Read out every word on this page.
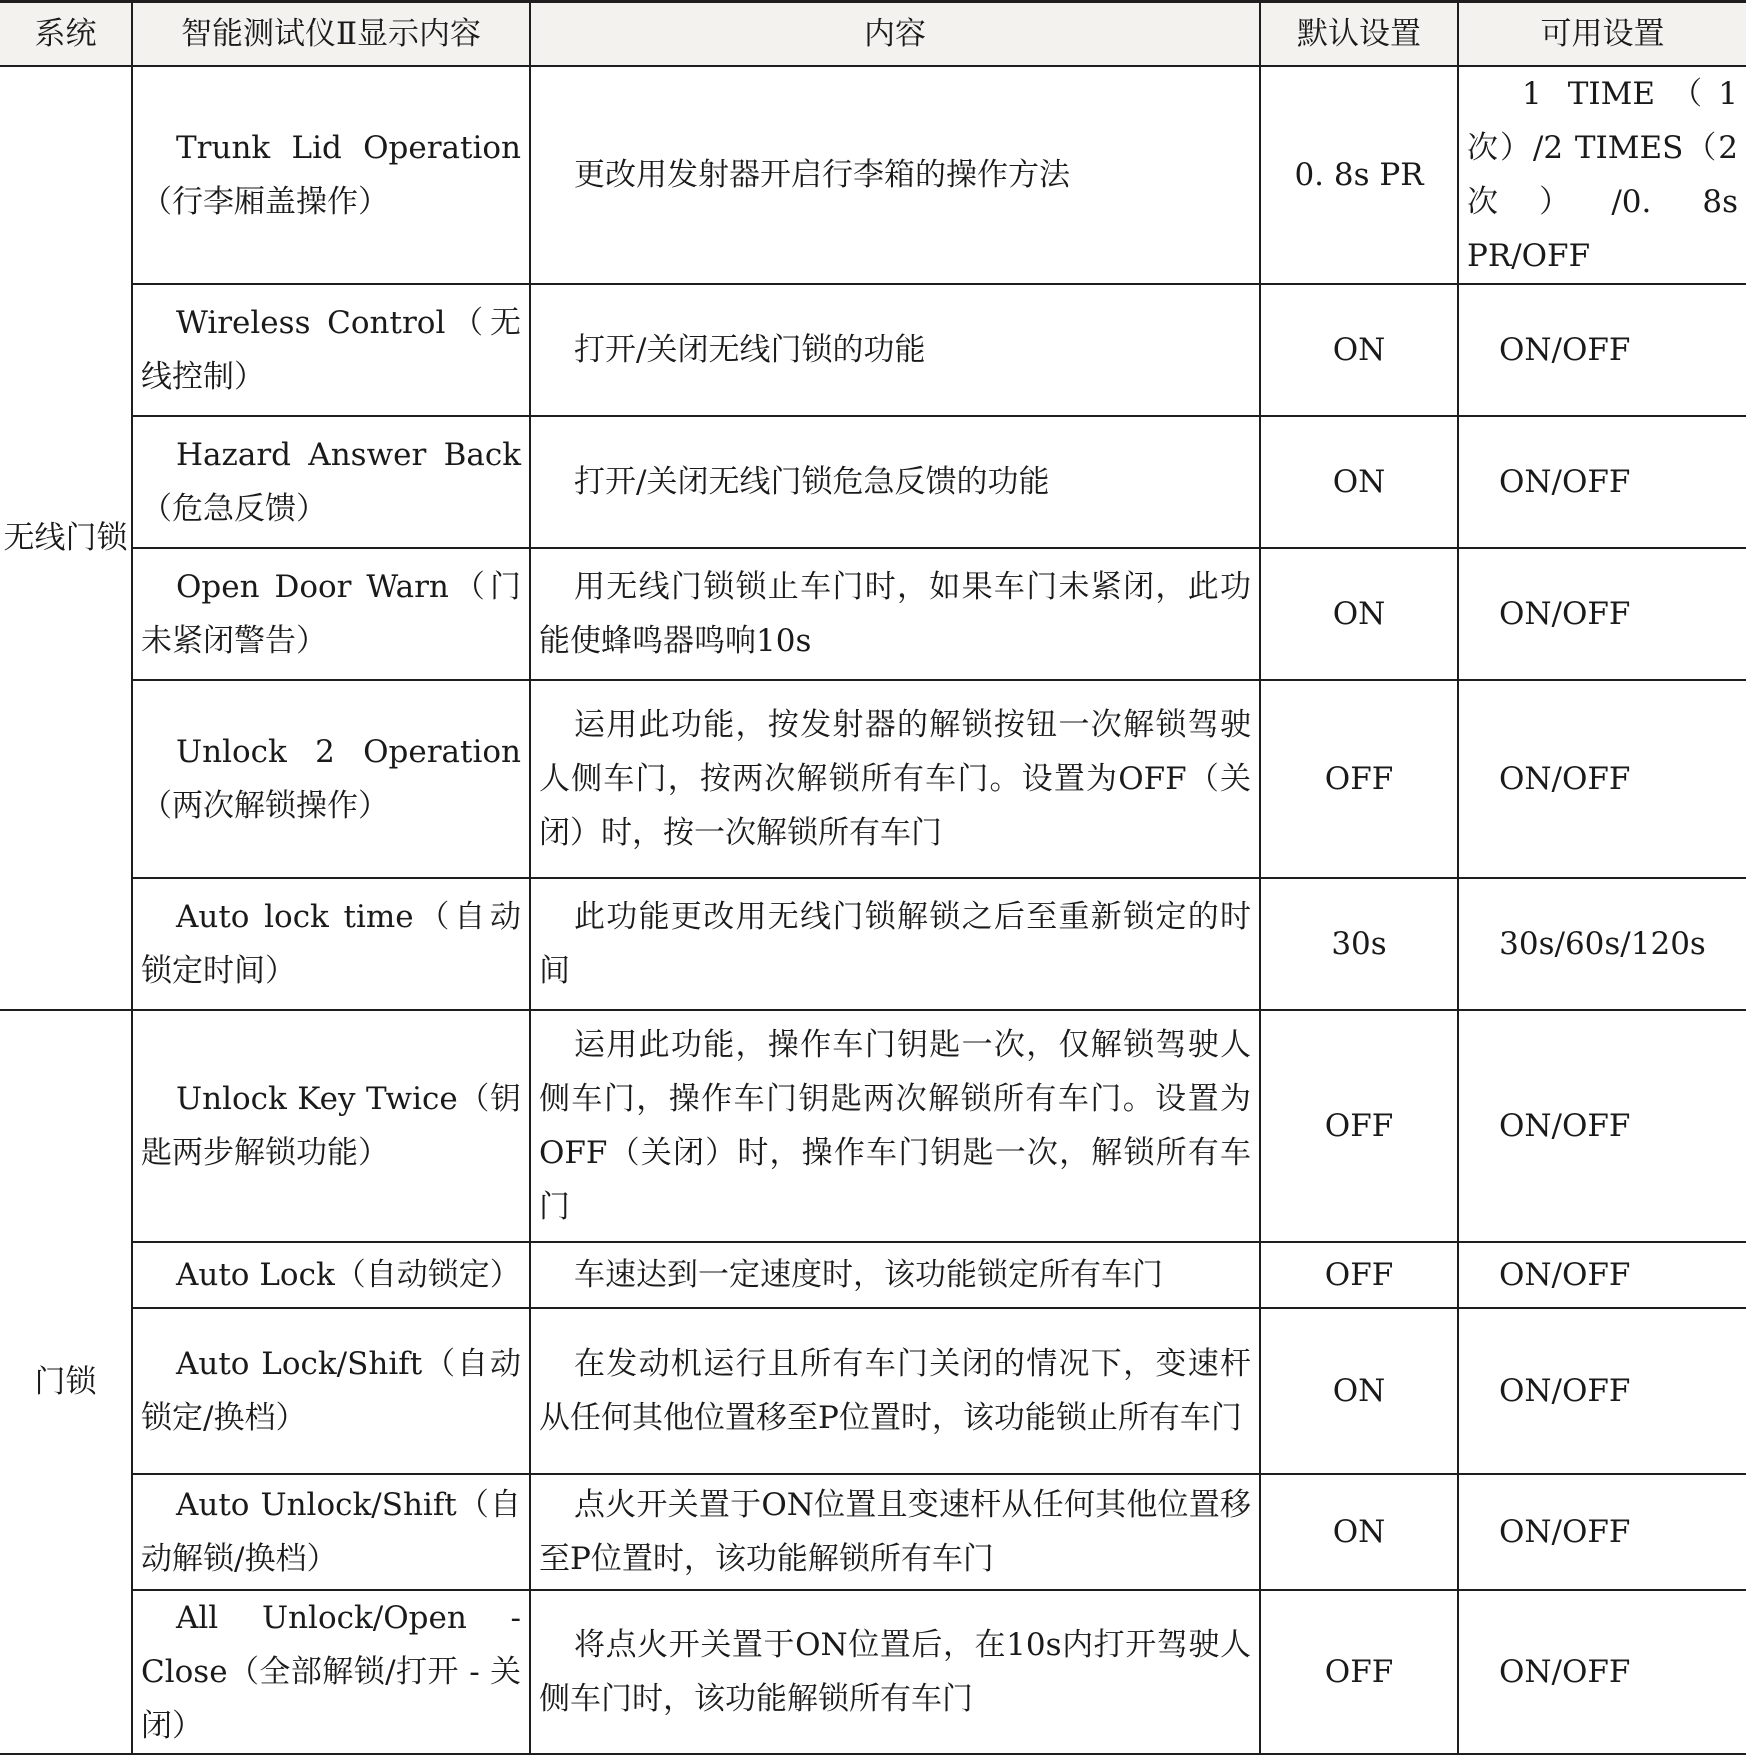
系统	智能测试仪Ⅱ显示内容	内容	默认设置	可用设置
无线门锁	Trunk Lid Operation（行李厢盖操作）	更改用发射器开启行李箱的操作方法	0. 8s PR	1 TIME（1次）/2 TIMES（2次）/0. 8s PR/OFF
	Wireless Control（无线控制）	打开/关闭无线门锁的功能	ON	ON/OFF
	Hazard Answer Back（危急反馈）	打开/关闭无线门锁危急反馈的功能	ON	ON/OFF
	Open Door Warn（门未紧闭警告）	用无线门锁锁止车门时，如果车门未紧闭，此功能使蜂鸣器鸣响10s	ON	ON/OFF
	Unlock 2 Operation（两次解锁操作）	运用此功能，按发射器的解锁按钮一次解锁驾驶人侧车门，按两次解锁所有车门。设置为OFF（关闭）时，按一次解锁所有车门	OFF	ON/OFF
	Auto lock time（自动锁定时间）	此功能更改用无线门锁解锁之后至重新锁定的时间	30s	30s/60s/120s
门锁	Unlock Key Twice（钥匙两步解锁功能）	运用此功能，操作车门钥匙一次，仅解锁驾驶人侧车门，操作车门钥匙两次解锁所有车门。设置为OFF（关闭）时，操作车门钥匙一次，解锁所有车门	OFF	ON/OFF
	Auto Lock（自动锁定）	车速达到一定速度时，该功能锁定所有车门	OFF	ON/OFF
	Auto Lock/Shift（自动锁定/换档）	在发动机运行且所有车门关闭的情况下，变速杆从任何其他位置移至P位置时，该功能锁止所有车门	ON	ON/OFF
	Auto Unlock/Shift（自动解锁/换档）	点火开关置于ON位置且变速杆从任何其他位置移至P位置时，该功能解锁所有车门	ON	ON/OFF
	All Unlock/Open - Close（全部解锁/打开 - 关闭）	将点火开关置于ON位置后，在10s内打开驾驶人侧车门时，该功能解锁所有车门	OFF	ON/OFF
